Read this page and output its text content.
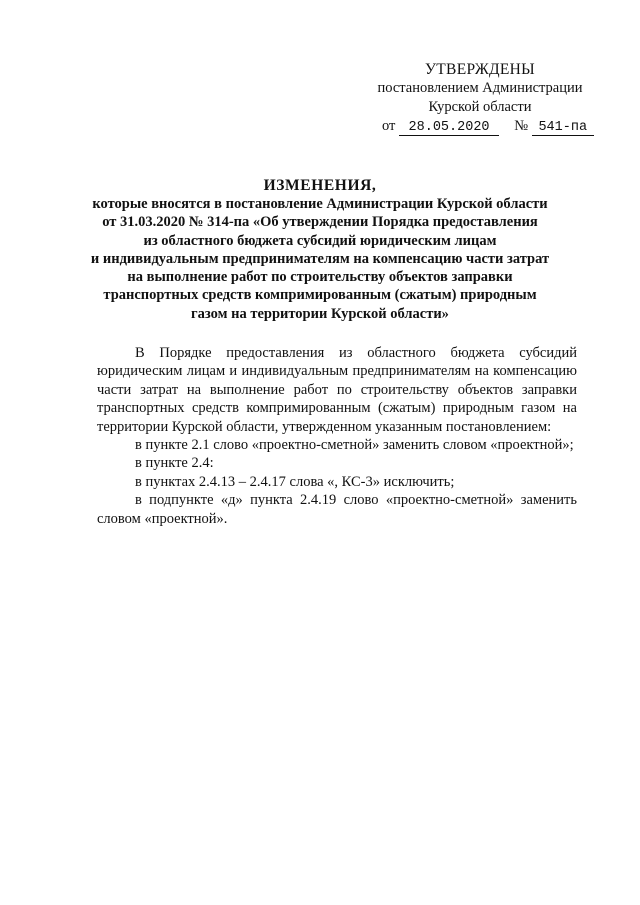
УТВЕРЖДЕНЫ
постановлением Администрации
Курской области
от 28.05.2020 № 541-па
ИЗМЕНЕНИЯ,
которые вносятся в постановление Администрации Курской области
от 31.03.2020 № 314-па «Об утверждении Порядка предоставления
из областного бюджета субсидий юридическим лицам
и индивидуальным предпринимателям на компенсацию части затрат
на выполнение работ по строительству объектов заправки
транспортных средств компримированным (сжатым) природным
газом на территории Курской области»

В Порядке предоставления из областного бюджета субсидий юридическим лицам и индивидуальным предпринимателям на компенсацию части затрат на выполнение работ по строительству объектов заправки транспортных средств компримированным (сжатым) природным газом на территории Курской области, утвержденном указанным постановлением:

в пункте 2.1 слово «проектно-сметной» заменить словом «проектной»;

в пункте 2.4:

в пунктах 2.4.13 – 2.4.17 слова «, КС-3» исключить;

в подпункте «д» пункта 2.4.19 слово «проектно-сметной» заменить словом «проектной».
